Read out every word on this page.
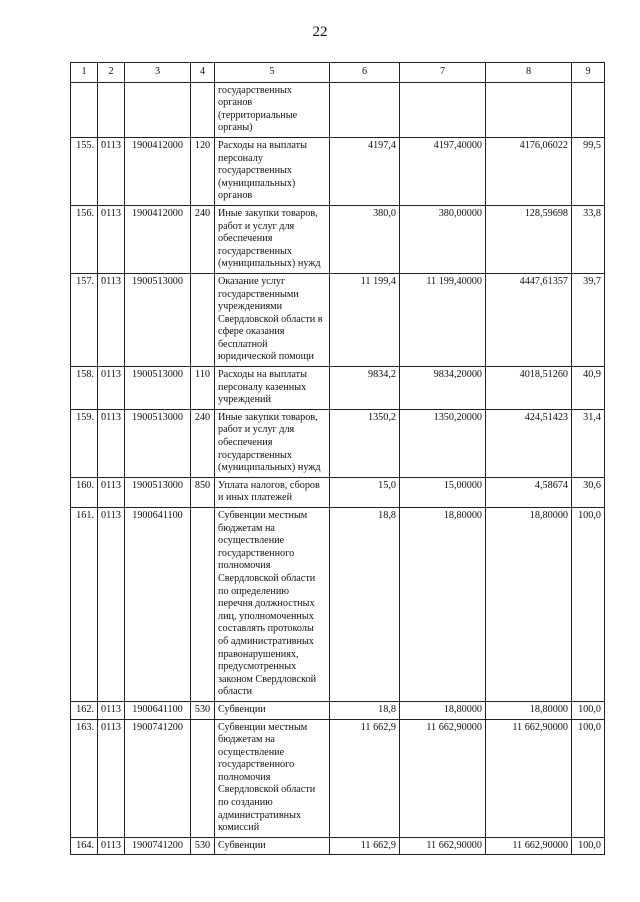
22
1	2	3	4	5	6	7	8	9
				государственных органов (территориальные органы)				
155.	0113	1900412000	120	Расходы на выплаты персоналу государственных (муниципальных) органов	4197,4	4197,40000	4176,06022	99,5
156.	0113	1900412000	240	Иные закупки товаров, работ и услуг для обеспечения государственных (муниципальных) нужд	380,0	380,00000	128,59698	33,8
157.	0113	1900513000		Оказание услуг государственными учреждениями Свердловской области в сфере оказания бесплатной юридической помощи	11 199,4	11 199,40000	4447,61357	39,7
158.	0113	1900513000	110	Расходы на выплаты персоналу казенных учреждений	9834,2	9834,20000	4018,51260	40,9
159.	0113	1900513000	240	Иные закупки товаров, работ и услуг для обеспечения государственных (муниципальных) нужд	1350,2	1350,20000	424,51423	31,4
160.	0113	1900513000	850	Уплата налогов, сборов и иных платежей	15,0	15,00000	4,58674	30,6
161.	0113	1900641100		Субвенции местным бюджетам на осуществление государственного полномочия Свердловской области по определению перечня должностных лиц, уполномоченных составлять протоколы об административных правонарушениях, предусмотренных законом Свердловской области	18,8	18,80000	18,80000	100,0
162.	0113	1900641100	530	Субвенции	18,8	18,80000	18,80000	100,0
163.	0113	1900741200		Субвенции местным бюджетам на осуществление государственного полномочия Свердловской области по созданию административных комиссий	11 662,9	11 662,90000	11 662,90000	100,0
164.	0113	1900741200	530	Субвенции	11 662,9	11 662,90000	11 662,90000	100,0
